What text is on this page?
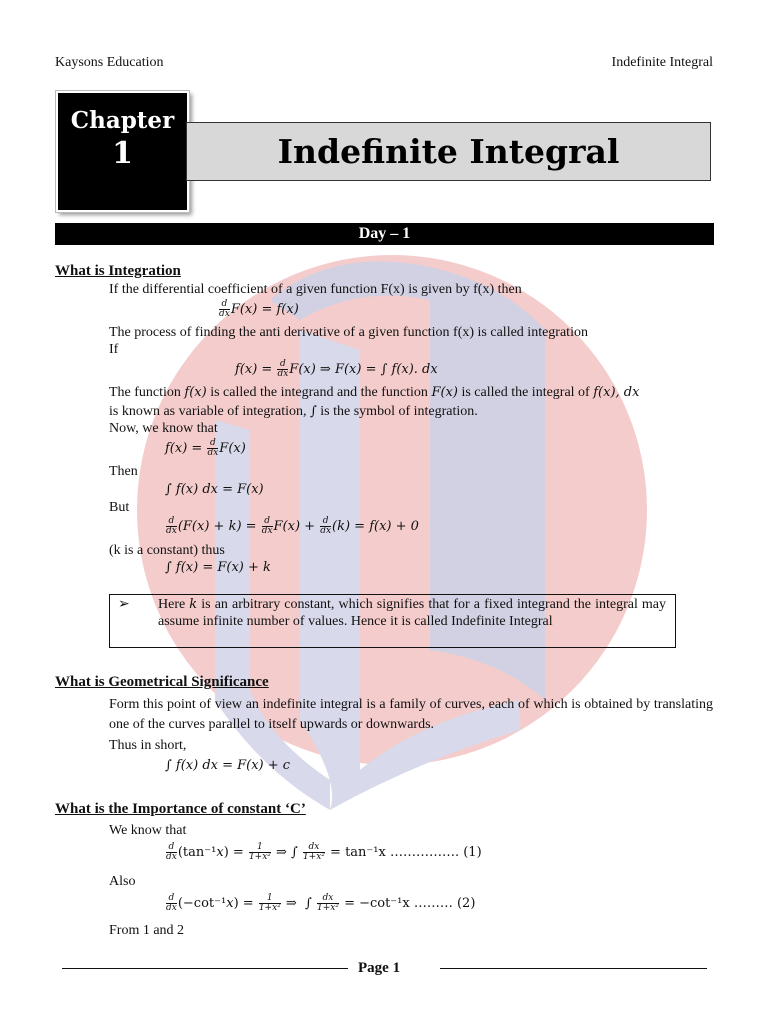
Kaysons Education	Indefinite Integral
Chapter
1	Indefinite Integral
Day – 1
What is Integration
If the differential coefficient of a given function F(x) is given by f(x) then
$\frac{d}{dx} F(x) = f(x)$
The process of finding the anti derivative of a given function f(x) is called integration
If
$f(x) = \frac{d}{dx} F(x)$ ⇒ F(x) = ∫ f(x). dx
The function f(x) is called the integrand and the function F(x) is called the integral of f(x), dx
is known as variable of integration, ∫ is the symbol of integration.
Now, we know that
$f(x) = \frac{d}{dx} F(x)$
Then
∫ f(x) dx = F(x)
But
$\frac{d}{dx} (F(x) + k) = \frac{d}{dx} F(x) + \frac{d}{dx} (k) = f(x) + 0$
(k is a constant) thus
∫ f(x) = F(x) + k
➢ Here k is an arbitrary constant, which signifies that for a fixed integrand the integral may assume infinite number of values. Hence it is called Indefinite Integral
What is Geometrical Significance
Form this point of view an indefinite integral is a family of curves, each of which is obtained by translating one of the curves parallel to itself upwards or downwards.
Thus in short,
∫ f(x) dx = F(x) + c
What is the Importance of constant ‘C’
We know that
$\frac{d}{dx} (\tan^{-1}x) = \frac{1}{\text{1+x²}}$ ⇒ ∫ $\frac{dx}{\text{1+x²}} = \tan^{-1}x$ ……………. (1)
Also
$\frac{d}{dx} (-\cot^{-1}x) = \frac{1}{\text{1+x²}}$ ⇒  ∫ $\frac{dx}{\text{1+x²}} = -\cot^{-1}x$ ……… (2)
From 1 and 2
Page 1
